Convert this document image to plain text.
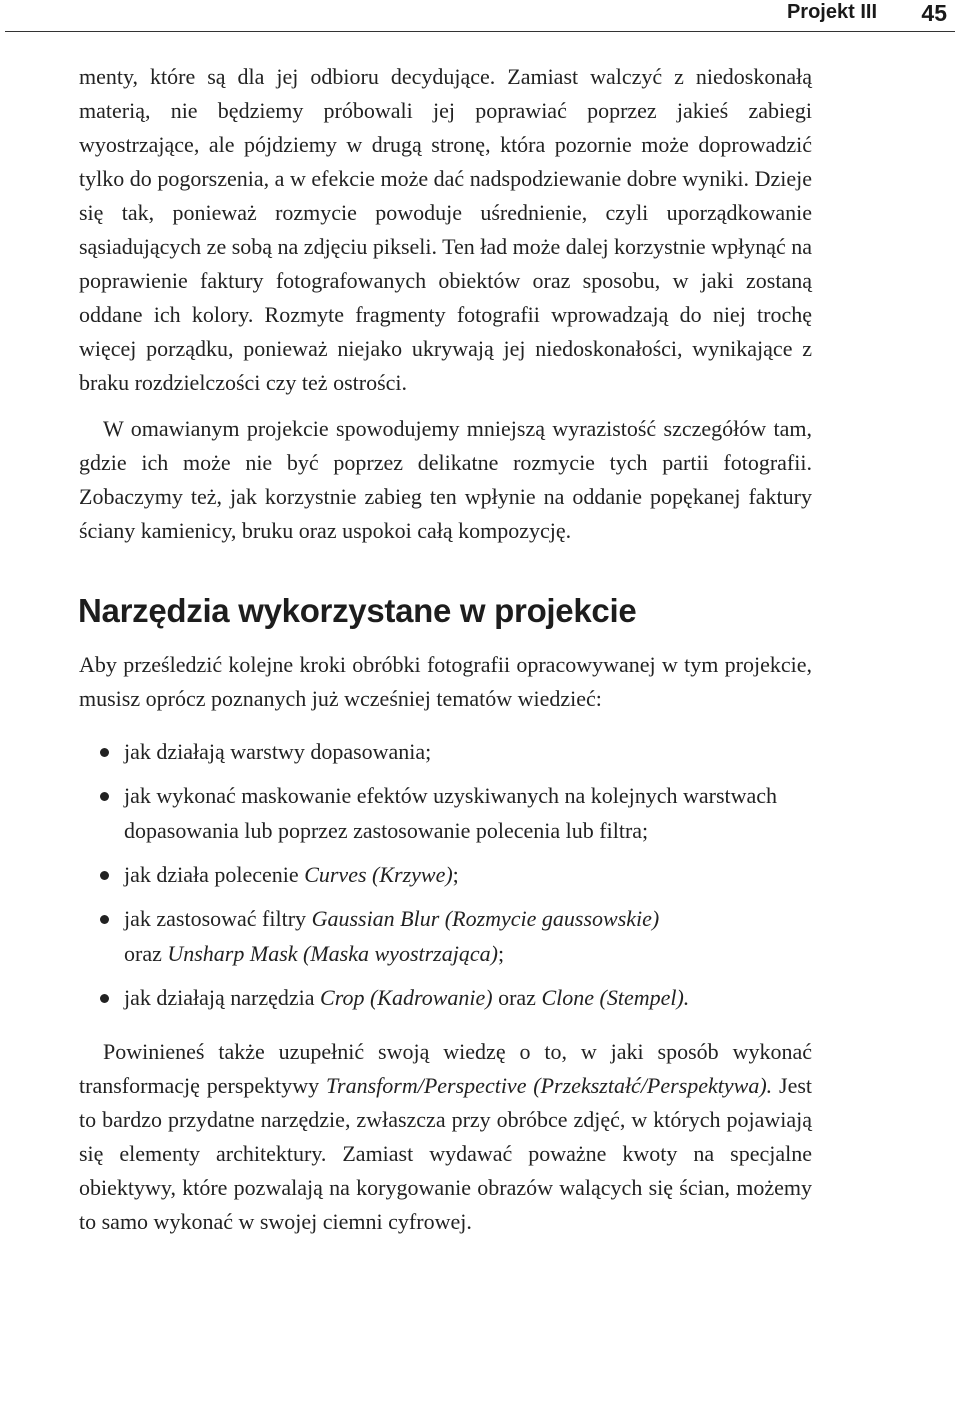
Projekt III 45

menty, które są dla jej odbioru decydujące. Zamiast walczyć z niedoskonałą materią, nie będziemy próbowali jej poprawiać poprzez jakieś zabiegi wyostrzające, ale pójdziemy w drugą stronę, która pozornie może doprowadzić tylko do pogorszenia, a w efekcie może dać nadspodziewanie dobre wyniki. Dzieje się tak, ponieważ rozmycie powoduje uśrednienie, czyli uporządkowanie sąsiadujących ze sobą na zdjęciu pikseli. Ten ład może dalej korzystnie wpłynąć na poprawienie faktury fotografowanych obiektów oraz sposobu, w jaki zostaną oddane ich kolory. Rozmyte fragmenty fotografii wprowadzają do niej trochę więcej porządku, ponieważ niejako ukrywają jej niedoskonałości, wynikające z braku rozdzielczości czy też ostrości.

W omawianym projekcie spowodujemy mniejszą wyrazistość szczegółów tam, gdzie ich może nie być poprzez delikatne rozmycie tych partii fotografii. Zobaczymy też, jak korzystnie zabieg ten wpłynie na oddanie popękanej faktury ściany kamienicy, bruku oraz uspokoi całą kompozycję.

Narzędzia wykorzystane w projekcie

Aby prześledzić kolejne kroki obróbki fotografii opracowywanej w tym projekcie, musisz oprócz poznanych już wcześniej tematów wiedzieć:

jak działają warstwy dopasowania;
jak wykonać maskowanie efektów uzyskiwanych na kolejnych warstwach dopasowania lub poprzez zastosowanie polecenia lub filtra;
jak działa polecenie Curves (Krzywe);
jak zastosować filtry Gaussian Blur (Rozmycie gaussowskie)
oraz Unsharp Mask (Maska wyostrzająca);
jak działają narzędzia Crop (Kadrowanie) oraz Clone (Stempel).

Powinieneś także uzupełnić swoją wiedzę o to, w jaki sposób wykonać transformację perspektywy Transform/Perspective (Przekształć/Perspektywa). Jest to bardzo przydatne narzędzie, zwłaszcza przy obróbce zdjęć, w których pojawiają się elementy architektury. Zamiast wydawać poważne kwoty na specjalne obiektywy, które pozwalają na korygowanie obrazów walących się ścian, możemy to samo wykonać w swojej ciemni cyfrowej.
